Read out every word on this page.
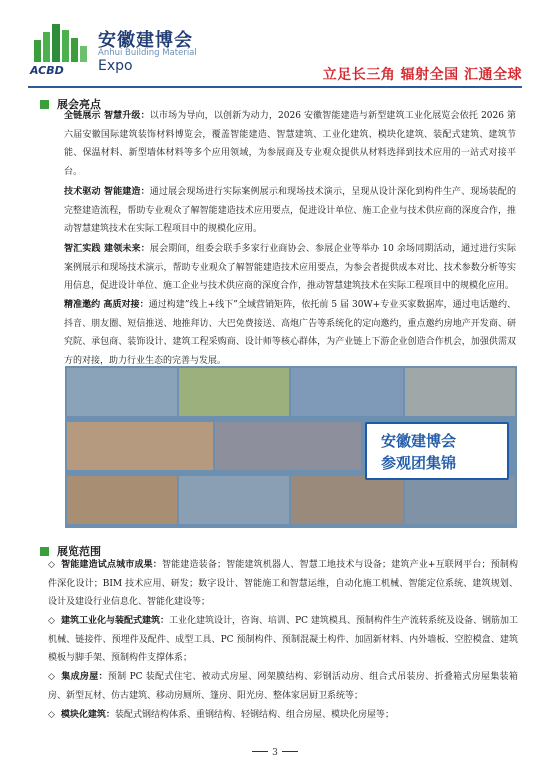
ACBD
安徽建博会
Anhui Building Material
Expo
立足长三角 辐射全国 汇通全球
展会亮点
全链展示 智慧升级：以市场为导向，以创新为动力，2026 安徽智能建造与新型建筑工业化展览会依托 2026 第六届安徽国际建筑装饰材料博览会，覆盖智能建造、智慧建筑、工业化建筑、模块化建筑、装配式建筑、建筑节能、保温材料、新型墙体材料等多个应用领域，为参展商及专业观众提供从材料选择到技术应用的一站式对接平台。
技术驱动 智能建造：通过展会现场进行实际案例展示和现场技术演示，呈现从设计深化到构件生产、现场装配的完整建造流程，帮助专业观众了解智能建造技术应用要点，促进设计单位、施工企业与技术供应商的深度合作，推动智慧建筑技术在实际工程项目中的规模化应用。
智汇实践 建领未来：展会期间，组委会联手多家行业商协会、参展企业等举办 10 余场同期活动，通过进行实际案例展示和现场技术演示，帮助专业观众了解智能建造技术应用要点，为参会者提供成本对比、技术参数分析等实用信息，促进设计单位、施工企业与技术供应商的深度合作，推动智慧建筑技术在实际工程项目中的规模化应用。
精准邀约 高质对接：通过构建”线上+线下”全域营销矩阵，依托前 5 届 30W+专业买家数据库，通过电话邀约、抖音、朋友圈、短信推送、地推拜访、大巴免费接送、高炮广告等系统化的定向邀约，重点邀约房地产开发商、研究院、承包商、装饰设计、建筑工程采购商、设计师等核心群体，为产业链上下游企业创造合作机会，加强供需双方的对接，助力行业生态的完善与发展。
安徽建博会
参观团集锦
展览范围
◇ 智能建造试点城市成果：智能建造装备；智能建筑机器人、智慧工地技术与设备；建筑产业+互联网平台；预制构件深化设计；BIM 技术应用、研发；数字设计、智能施工和智慧运维，自动化施工机械、智能定位系统、建筑规划、设计及建设行业信息化、智能化建设等；
◇ 建筑工业化与装配式建筑：工业化建筑设计，咨询、培训、PC 建筑模具、预制构件生产流转系统及设备、钢筋加工机械、链接件、预埋件及配件、成型工具、PC 预制构件、预制混凝土构件、加固新材料、内外墙板、空腔模盒、建筑模板与脚手架、预制构件支撑体系；
◇ 集成房屋：预制 PC 装配式住宅、被动式房屋、网架膜结构、彩钢活动房、组合式吊装房、折叠箱式房屋集装箱房、新型瓦材、仿古建筑、移动房厕所、篷房、阳光房、整体家居厨卫系统等；
◇ 模块化建筑：装配式钢结构体系、重钢结构、轻钢结构、组合房屋、模块化房屋等；
3
